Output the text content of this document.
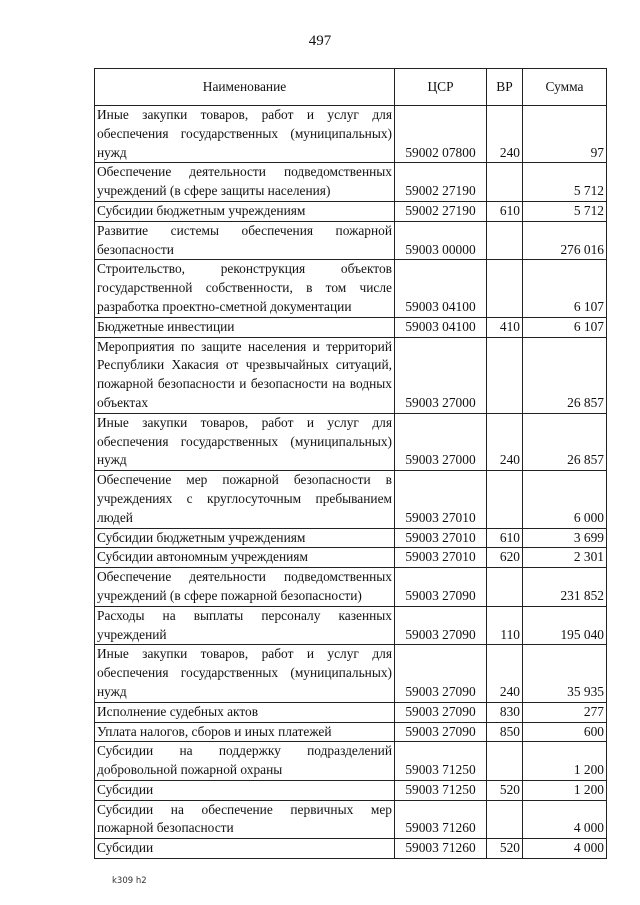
497
Наименование	ЦСР	ВР	Сумма
Иные закупки товаров, работ и услуг для обеспечения государственных (муниципальных) нужд	59002 07800	240	97
Обеспечение деятельности подведомственных учреждений (в сфере защиты населения)	59002 27190		5 712
Субсидии бюджетным учреждениям	59002 27190	610	5 712
Развитие системы обеспечения пожарной безопасности	59003 00000		276 016
Строительство, реконструкция объектов государственной собственности, в том числе разработка проектно-сметной документации	59003 04100		6 107
Бюджетные инвестиции	59003 04100	410	6 107
Мероприятия по защите населения и территорий Республики Хакасия от чрезвычайных ситуаций, пожарной безопасности и безопасности на водных объектах	59003 27000		26 857
Иные закупки товаров, работ и услуг для обеспечения государственных (муниципальных) нужд	59003 27000	240	26 857
Обеспечение мер пожарной безопасности в учреждениях с круглосуточным пребыванием людей	59003 27010		6 000
Субсидии бюджетным учреждениям	59003 27010	610	3 699
Субсидии автономным учреждениям	59003 27010	620	2 301
Обеспечение деятельности подведомственных учреждений (в сфере пожарной безопасности)	59003 27090		231 852
Расходы на выплаты персоналу казенных учреждений	59003 27090	110	195 040
Иные закупки товаров, работ и услуг для обеспечения государственных (муниципальных) нужд	59003 27090	240	35 935
Исполнение судебных актов	59003 27090	830	277
Уплата налогов, сборов и иных платежей	59003 27090	850	600
Субсидии на поддержку подразделений добровольной пожарной охраны	59003 71250		1 200
Субсидии	59003 71250	520	1 200
Субсидии на обеспечение первичных мер пожарной безопасности	59003 71260		4 000
Субсидии	59003 71260	520	4 000
k309 h2
